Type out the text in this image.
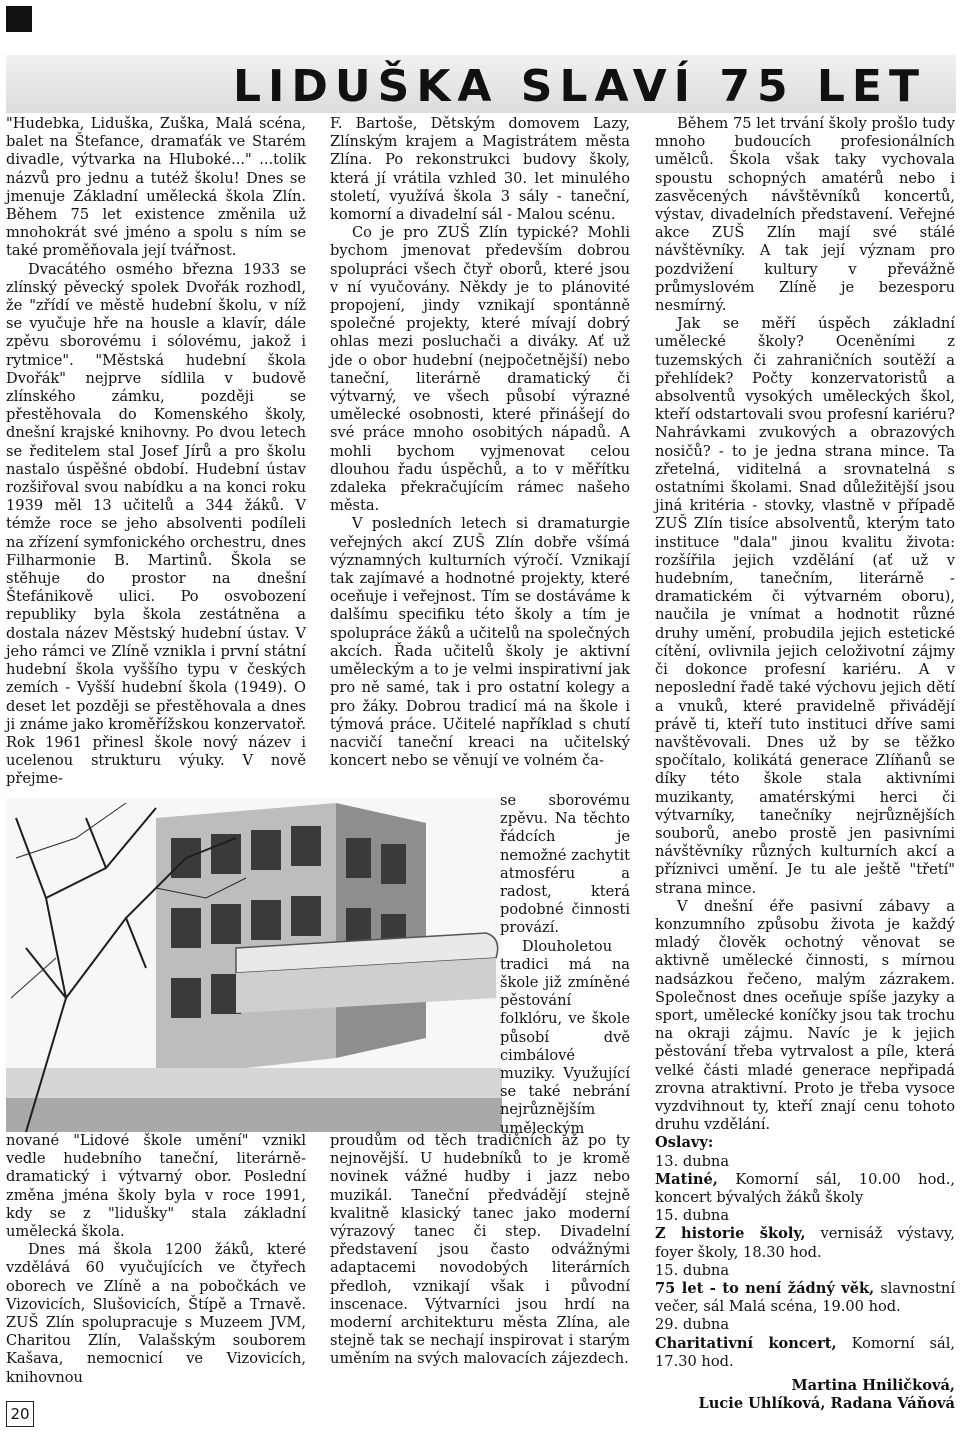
LIDUŠKA SLAVÍ 75 LET

"Hudebka, Liduška, Zuška, Malá scéna, balet na Štefance, dramaťák ve Starém divadle, výtvarka na Hluboké..." ...tolik názvů pro jednu a tutéž školu! Dnes se jmenuje Základní umělecká škola Zlín. Během 75 let existence změnila už mnohokrát své jméno a spolu s ním se také proměňovala její tvářnost.

Dvacátého osmého března 1933 se zlínský pěvecký spolek Dvořák rozhodl, že "zřídí ve městě hudební školu, v níž se vyučuje hře na housle a klavír, dále zpěvu sborovému i sólovému, jakož i rytmice". "Městská hudební škola Dvořák" nejprve sídlila v budově zlínského zámku, později se přestěhovala do Komenského školy, dnešní krajské knihovny. Po dvou letech se ředitelem stal Josef Jírů a pro školu nastalo úspěšné období. Hudební ústav rozšiřoval svou nabídku a na konci roku 1939 měl 13 učitelů a 344 žáků. V témže roce se jeho absolventi podíleli na zřízení symfonického orchestru, dnes Filharmonie B. Martinů. Škola se stěhuje do prostor na dnešní Štefánikově ulici. Po osvobození republiky byla škola zestátněna a dostala název Městský hudební ústav. V jeho rámci ve Zlíně vznikla i první státní hudební škola vyššího typu v českých zemích - Vyšší hudební škola (1949). O deset let později se přestěhovala a dnes ji známe jako kroměřížskou konzervatoř. Rok 1961 přinesl škole nový název i ucelenou strukturu výuky. V nově přejme-

nované "Lidové škole umění" vznikl vedle hudebního taneční, literárně-dramatický i výtvarný obor. Poslední změna jména školy byla v roce 1991, kdy se z "lidušky" stala základní umělecká škola.

Dnes má škola 1200 žáků, které vzdělává 60 vyučujících ve čtyřech oborech ve Zlíně a na pobočkách ve Vizovicích, Slušovicích, Štípě a Trnavě. ZUŠ Zlín spolupracuje s Muzeem JVM, Charitou Zlín, Valašským souborem Kašava, nemocnicí ve Vizovicích, knihovnou

F. Bartoše, Dětským domovem Lazy, Zlínským krajem a Magistrátem města Zlína. Po rekonstrukci budovy školy, která jí vrátila vzhled 30. let minulého století, využívá škola 3 sály - taneční, komorní a divadelní sál - Malou scénu.

Co je pro ZUŠ Zlín typické? Mohli bychom jmenovat především dobrou spolupráci všech čtyř oborů, které jsou v ní vyučovány. Někdy je to plánovité propojení, jindy vznikají spontánně společné projekty, které mívají dobrý ohlas mezi posluchači a diváky. Ať už jde o obor hudební (nejpočetnější) nebo taneční, literárně dramatický či výtvarný, ve všech působí výrazné umělecké osobnosti, které přinášejí do své práce mnoho osobitých nápadů. A mohli bychom vyjmenovat celou dlouhou řadu úspěchů, a to v měřítku zdaleka překračujícím rámec našeho města.

V posledních letech si dramaturgie veřejných akcí ZUŠ Zlín dobře všímá významných kulturních výročí. Vznikají tak zajímavé a hodnotné projekty, které oceňuje i veřejnost. Tím se dostáváme k dalšímu specifiku této školy a tím je spolupráce žáků a učitelů na společných akcích. Řada učitelů školy je aktivní uměleckým a to je velmi inspirativní jak pro ně samé, tak i pro ostatní kolegy a pro žáky. Dobrou tradicí má na škole i týmová práce. Učitelé například s chutí nacvičí taneční kreaci na učitelský koncert nebo se věnují ve volném ča-

se sborovému zpěvu. Na těchto řádcích je nemožné zachytit atmosféru a radost, která podobné činnosti provází.

Dlouholetou tradici má na škole již zmíněné pěstování folklóru, ve škole působí dvě cimbálové muziky. Využující se také nebrání nejrůznějším uměleckým

proudům od těch tradičních až po ty nejnovější. U hudebníků to je kromě novinek vážné hudby i jazz nebo muzikál. Taneční předvádějí stejně kvalitně klasický tanec jako moderní výrazový tanec či step. Divadelní představení jsou často odvážnými adaptacemi novodobých literárních předloh, vznikají však i původní inscenace. Výtvarníci jsou hrdí na moderní architekturu města Zlína, ale stejně tak se nechají inspirovat i starým uměním na svých malovacích zájezdech.

Během 75 let trvání školy prošlo tudy mnoho budoucích profesionálních umělců. Škola však taky vychovala spoustu schopných amatérů nebo i zasvěcených návštěvníků koncertů, výstav, divadelních představení. Veřejné akce ZUŠ Zlín mají své stálé návštěvníky. A tak její význam pro pozdvižení kultury v převážně průmyslovém Zlíně je bezesporu nesmírný.

Jak se měří úspěch základní umělecké školy? Oceněními z tuzemských či zahraničních soutěží a přehlídek? Počty konzervatoristů a absolventů vysokých uměleckých škol, kteří odstartovali svou profesní kariéru? Nahrávkami zvukových a obrazových nosičů? - to je jedna strana mince. Ta zřetelná, viditelná a srovnatelná s ostatními školami. Snad důležitější jsou jiná kritéria - stovky, vlastně v případě ZUŠ Zlín tisíce absolventů, kterým tato instituce "dala" jinou kvalitu života: rozšířila jejich vzdělání (ať už v hudebním, tanečním, literárně - dramatickém či výtvarném oboru), naučila je vnímat a hodnotit různé druhy umění, probudila jejich estetické cítění, ovlivnila jejich celoživotní zájmy či dokonce profesní kariéru. A v neposlední řadě také výchovu jejich dětí a vnuků, které pravidelně přivádějí právě ti, kteří tuto instituci dříve sami navštěvovali. Dnes už by se těžko spočítalo, kolikátá generace Zlíňanů se díky této škole stala aktivními muzikanty, amatérskými herci či výtvarníky, tanečníky nejrůznějších souborů, anebo prostě jen pasivními návštěvníky různých kulturních akcí a příznivci umění. Je tu ale ještě "třetí" strana mince.

V dnešní éře pasivní zábavy a konzumního způsobu života je každý mladý člověk ochotný věnovat se aktivně umělecké činnosti, s mírnou nadsázkou řečeno, malým zázrakem. Společnost dnes oceňuje spíše jazyky a sport, umělecké koníčky jsou tak trochu na okraji zájmu. Navíc je k jejich pěstování třeba vytrvalost a píle, která velké části mladé generace nepřipadá zrovna atraktivní. Proto je třeba vysoce vyzdvihnout ty, kteří znají cenu tohoto druhu vzdělání.

Oslavy:

13. dubna

Matiné, Komorní sál, 10.00 hod., koncert bývalých žáků školy

15. dubna

Z historie školy, vernisáž výstavy, foyer školy, 18.30 hod.

15. dubna

75 let - to není žádný věk, slavnostní večer, sál Malá scéna, 19.00 hod.

29. dubna

Charitativní koncert, Komorní sál, 17.30 hod.

Martina Hniličková,

Lucie Uhlíková, Radana Váňová

20
